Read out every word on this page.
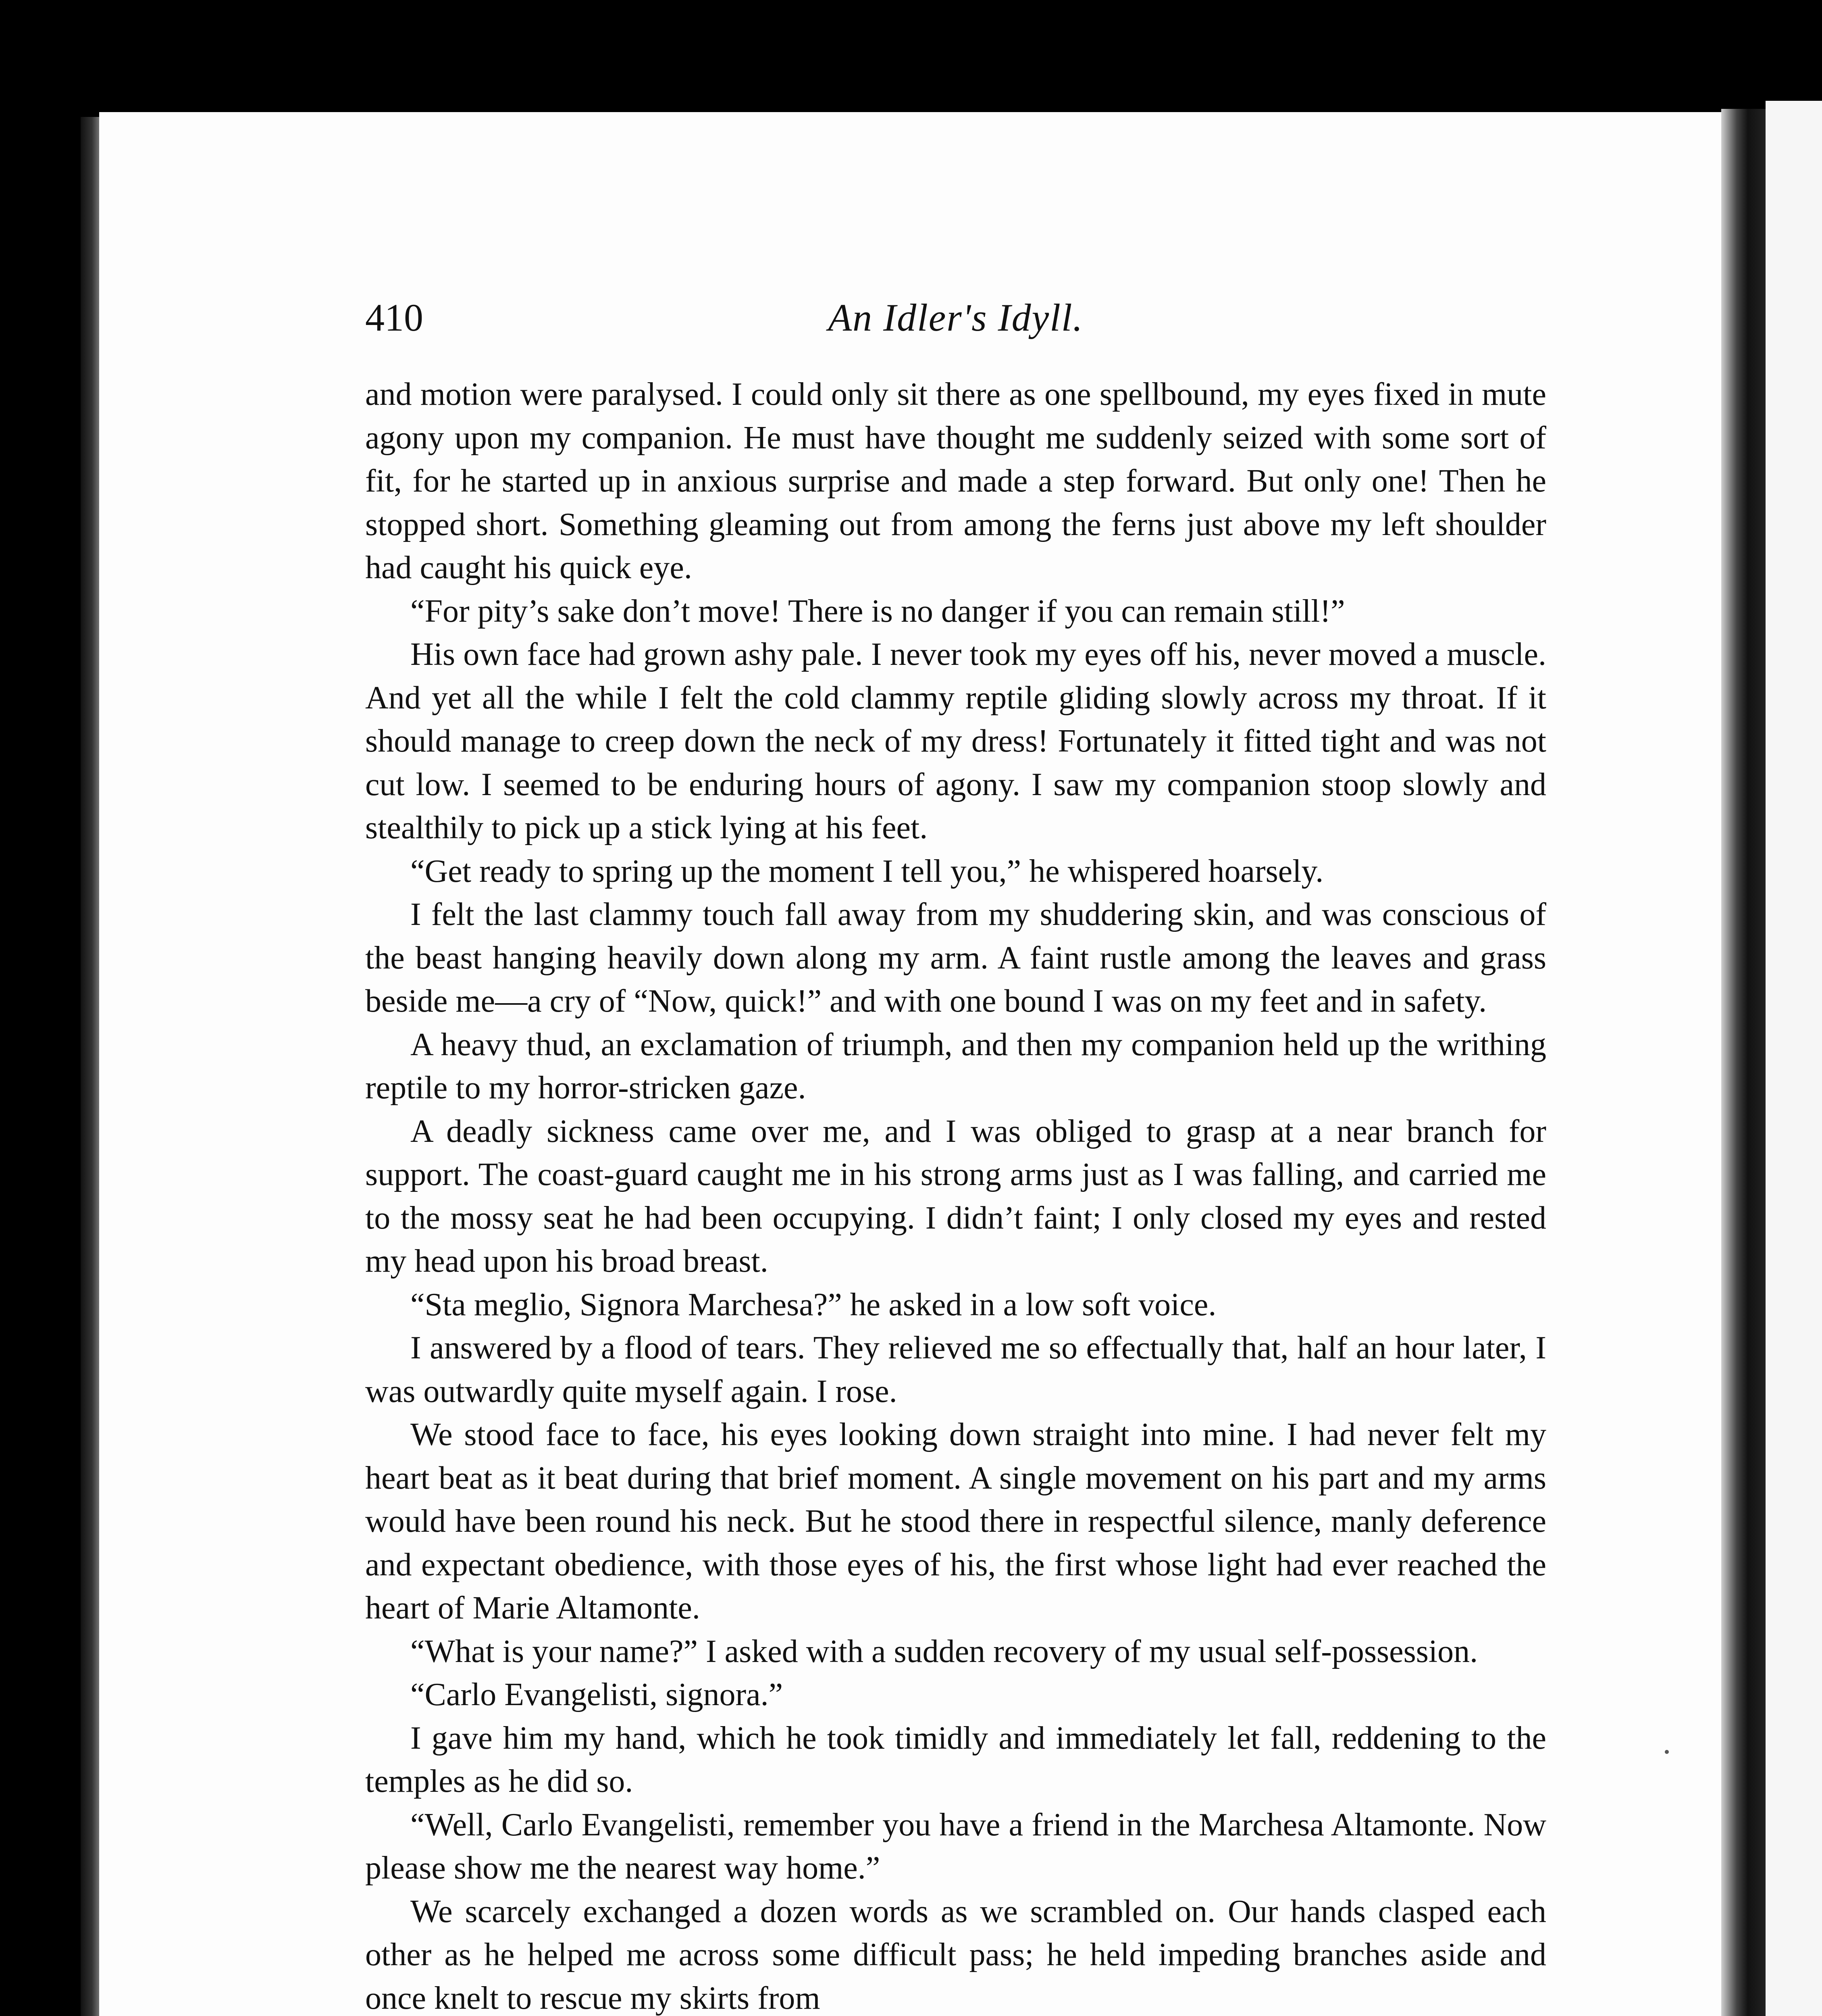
410	An Idler's Idyll.

and motion were paralysed. I could only sit there as one spellbound, my eyes fixed in mute agony upon my companion. He must have thought me suddenly seized with some sort of fit, for he started up in anxious surprise and made a step forward. But only one! Then he stopped short. Something gleaming out from among the ferns just above my left shoulder had caught his quick eye.

“For pity’s sake don’t move! There is no danger if you can remain still!”

His own face had grown ashy pale. I never took my eyes off his, never moved a muscle. And yet all the while I felt the cold clammy reptile gliding slowly across my throat. If it should manage to creep down the neck of my dress! Fortunately it fitted tight and was not cut low. I seemed to be enduring hours of agony. I saw my companion stoop slowly and stealthily to pick up a stick lying at his feet.

“Get ready to spring up the moment I tell you,” he whispered hoarsely.

I felt the last clammy touch fall away from my shuddering skin, and was conscious of the beast hanging heavily down along my arm. A faint rustle among the leaves and grass beside me—a cry of “Now, quick!” and with one bound I was on my feet and in safety.

A heavy thud, an exclamation of triumph, and then my companion held up the writhing reptile to my horror-stricken gaze.

A deadly sickness came over me, and I was obliged to grasp at a near branch for support. The coast-guard caught me in his strong arms just as I was falling, and carried me to the mossy seat he had been occupying. I didn’t faint; I only closed my eyes and rested my head upon his broad breast.

“Sta meglio, Signora Marchesa?” he asked in a low soft voice.

I answered by a flood of tears. They relieved me so effectually that, half an hour later, I was outwardly quite myself again. I rose.

We stood face to face, his eyes looking down straight into mine. I had never felt my heart beat as it beat during that brief moment. A single movement on his part and my arms would have been round his neck. But he stood there in respectful silence, manly deference and expectant obedience, with those eyes of his, the first whose light had ever reached the heart of Marie Altamonte.

“What is your name?” I asked with a sudden recovery of my usual self-possession.

“Carlo Evangelisti, signora.”

I gave him my hand, which he took timidly and immediately let fall, reddening to the temples as he did so.

“Well, Carlo Evangelisti, remember you have a friend in the Marchesa Altamonte. Now please show me the nearest way home.”

We scarcely exchanged a dozen words as we scrambled on. Our hands clasped each other as he helped me across some difficult pass; he held impeding branches aside and once knelt to rescue my skirts from
